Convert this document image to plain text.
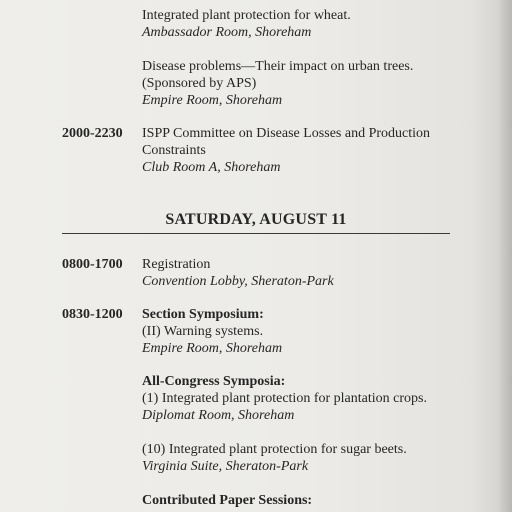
Integrated plant protection for wheat.
Ambassador Room, Shoreham
Disease problems—Their impact on urban trees.
(Sponsored by APS)
Empire Room, Shoreham
2000-2230 ISPP Committee on Disease Losses and Production
Constraints
Club Room A, Shoreham
SATURDAY, AUGUST 11
0800-1700 Registration
Convention Lobby, Sheraton-Park
0830-1200 Section Symposium:
(II) Warning systems.
Empire Room, Shoreham
All-Congress Symposia:
(1) Integrated plant protection for plantation crops.
Diplomat Room, Shoreham
(10) Integrated plant protection for sugar beets.
Virginia Suite, Sheraton-Park
Contributed Paper Sessions:
